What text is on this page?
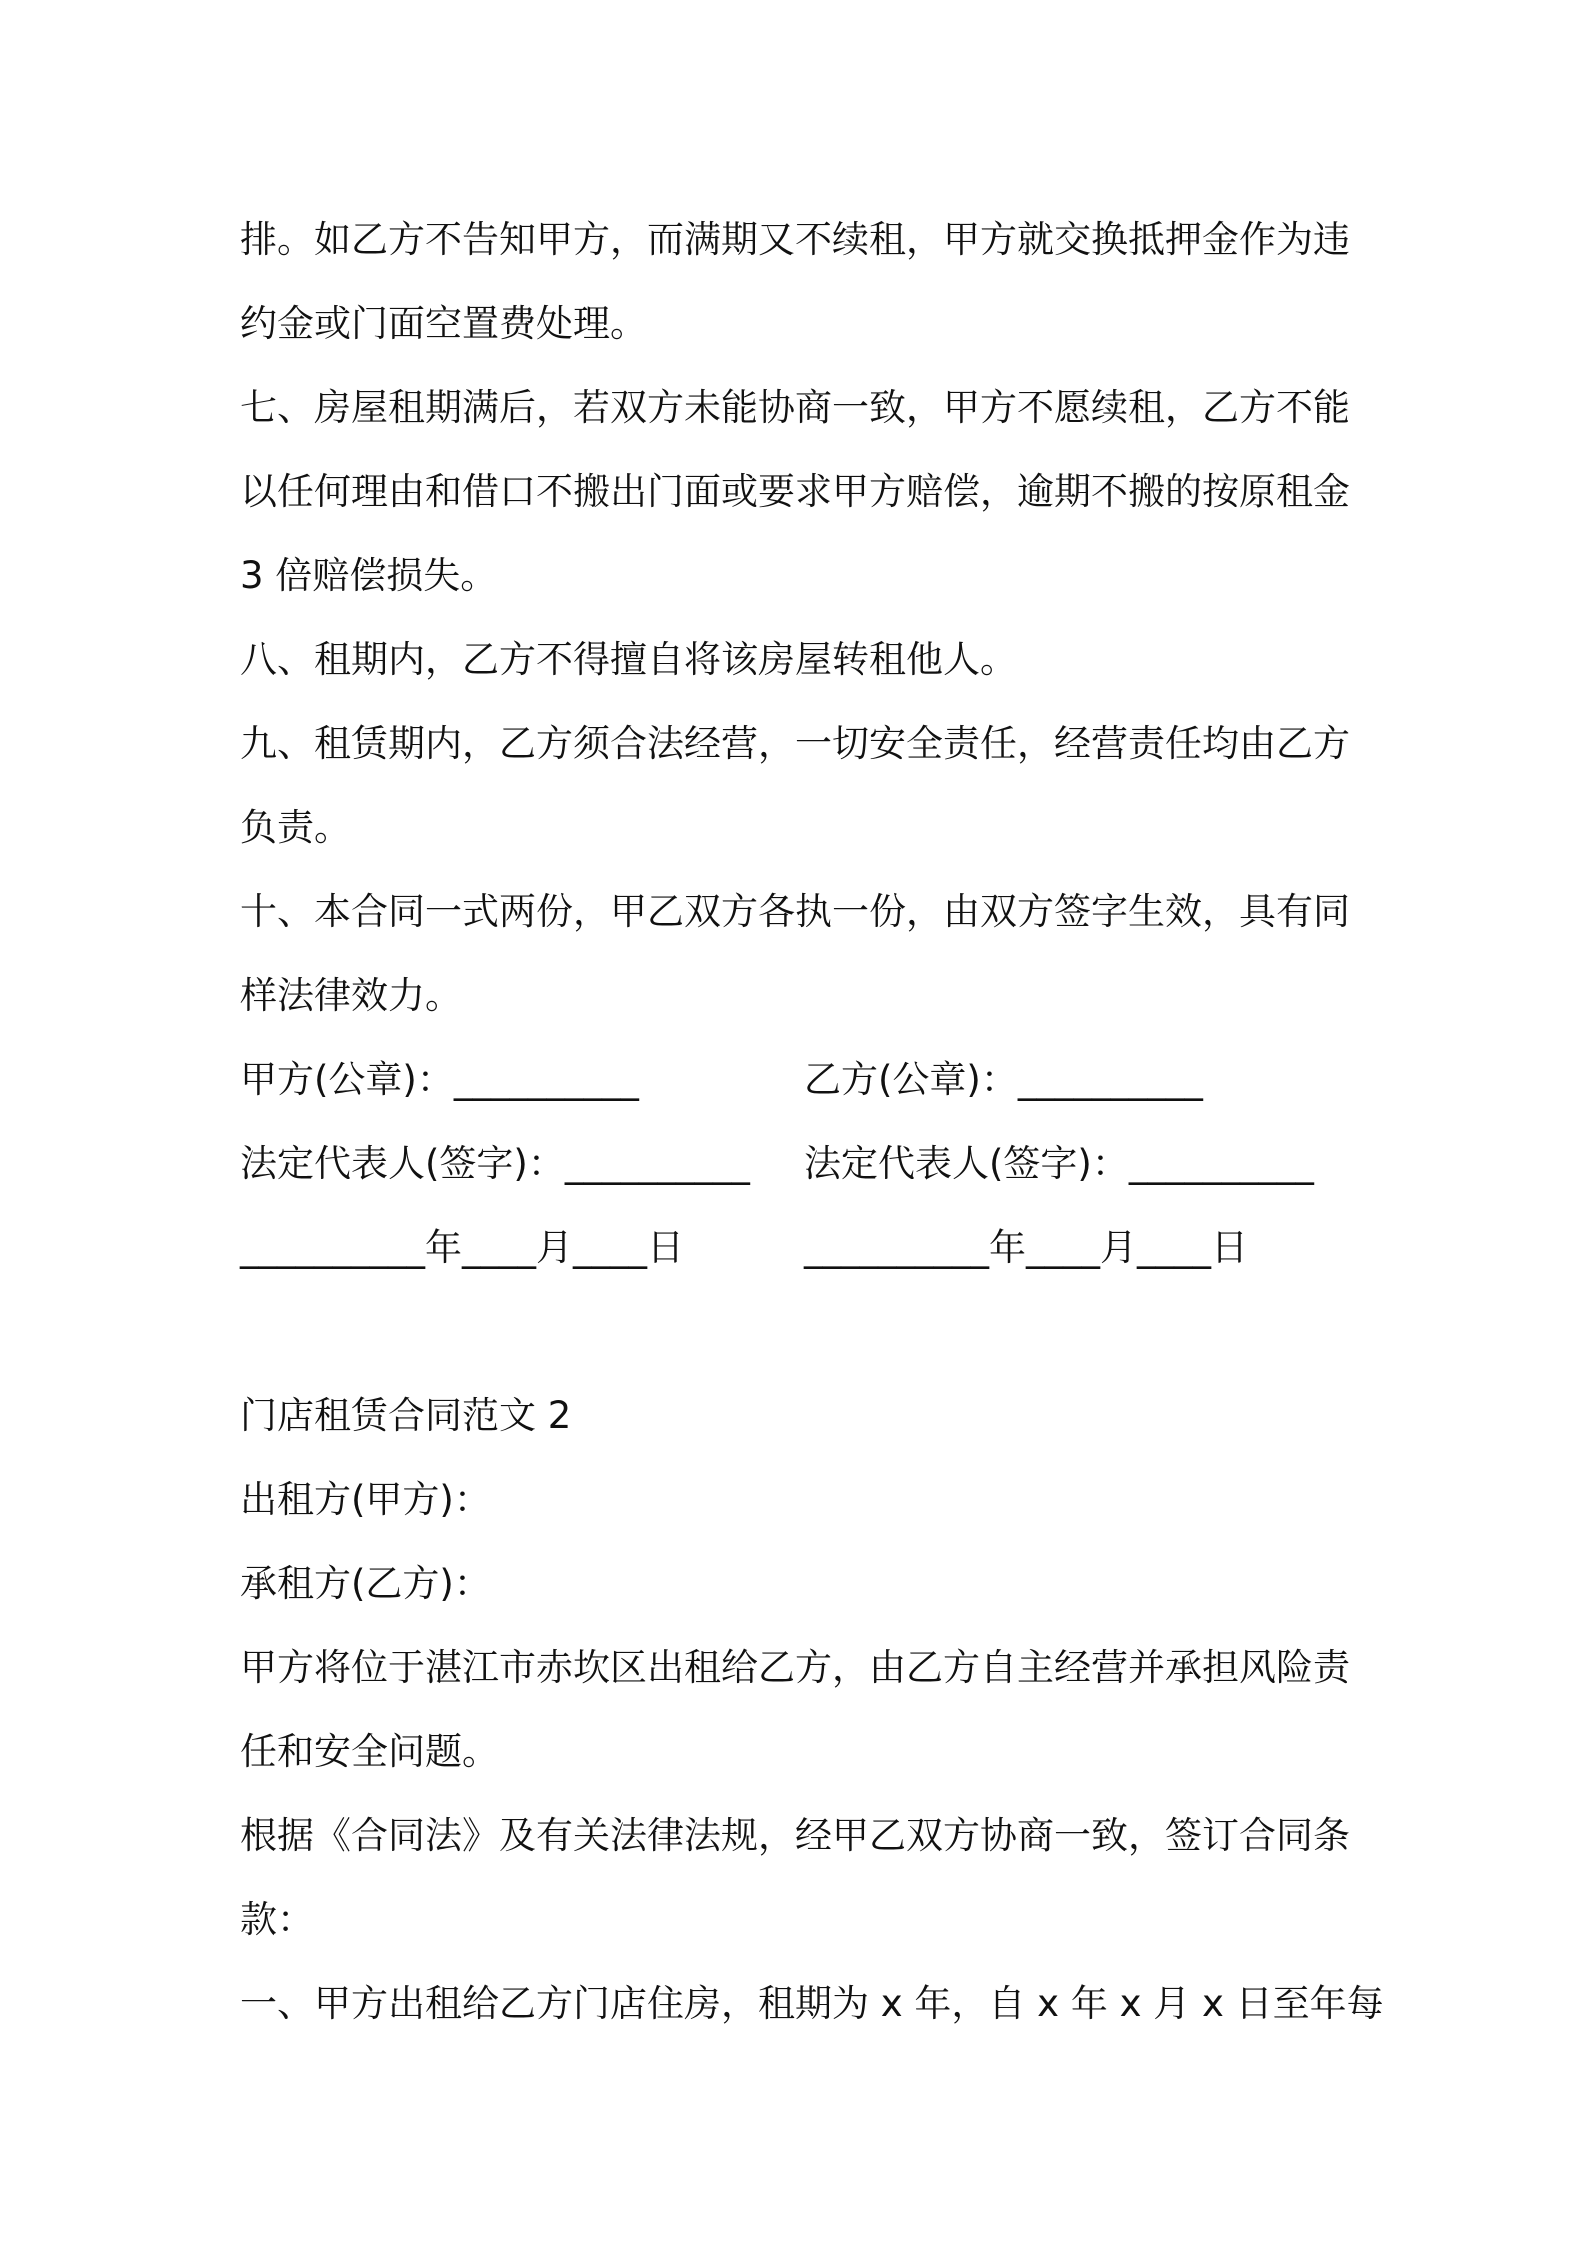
排。如乙方不告知甲方，而满期又不续租，甲方就交换抵押金作为违
约金或门面空置费处理。
七、房屋租期满后，若双方未能协商一致，甲方不愿续租，乙方不能
以任何理由和借口不搬出门面或要求甲方赔偿，逾期不搬的按原租金
3 倍赔偿损失。
八、租期内，乙方不得擅自将该房屋转租他人。
九、租赁期内，乙方须合法经营，一切安全责任，经营责任均由乙方
负责。
十、本合同一式两份，甲乙双方各执一份，由双方签字生效，具有同
样法律效力。
甲方(公章)：__________	乙方(公章)：__________
法定代表人(签字)：__________	法定代表人(签字)：__________
__________年____月____日	__________年____月____日
门店租赁合同范文 2
出租方(甲方)：
承租方(乙方)：
甲方将位于湛江市赤坎区出租给乙方，由乙方自主经营并承担风险责
任和安全问题。
根据《合同法》及有关法律法规，经甲乙双方协商一致，签订合同条
款：
一、甲方出租给乙方门店住房，租期为 x 年，自 x 年 x 月 x 日至年每
